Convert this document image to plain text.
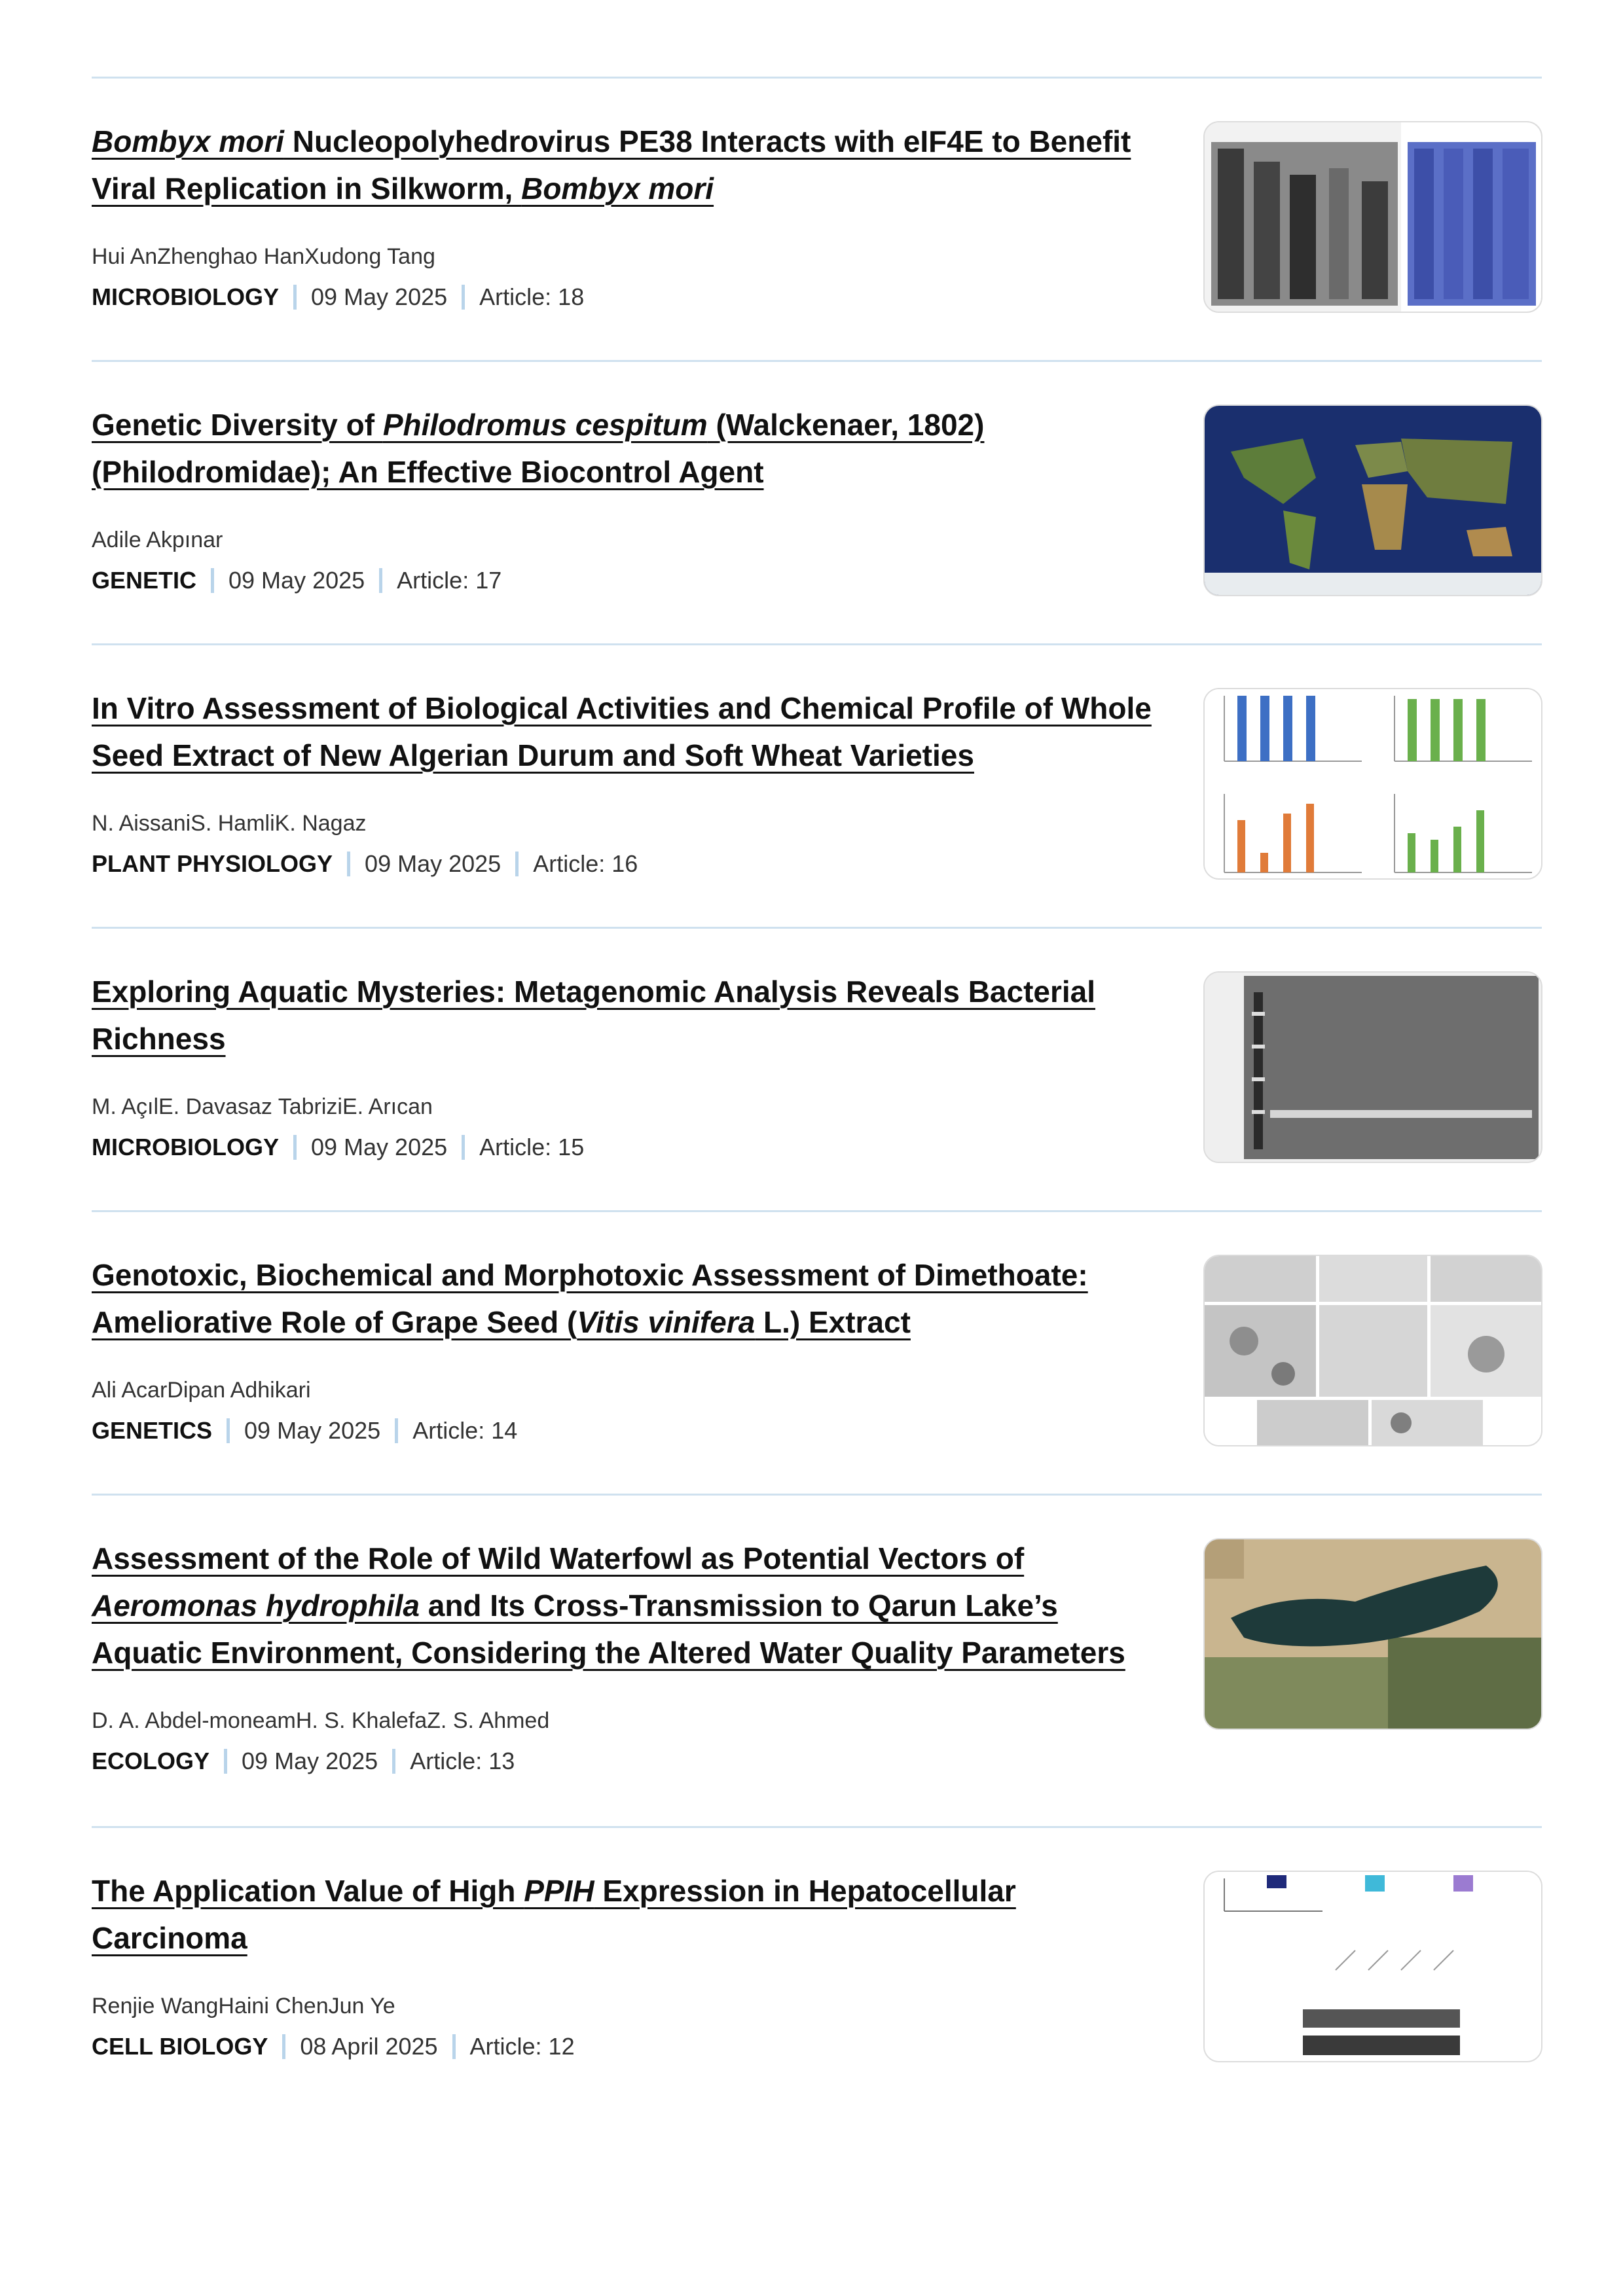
Bombyx mori Nucleopolyhedrovirus PE38 Interacts with eIF4E to Benefit Viral Replication in Silkworm, Bombyx mori
Hui AnZhenghao HanXudong Tang
MICROBIOLOGY 09 May 2025 Article: 18
Genetic Diversity of Philodromus cespitum (Walckenaer, 1802) (Philodromidae); An Effective Biocontrol Agent
Adile Akpınar
GENETIC 09 May 2025 Article: 17
In Vitro Assessment of Biological Activities and Chemical Profile of Whole Seed Extract of New Algerian Durum and Soft Wheat Varieties
N. AissaniS. HamliK. Nagaz
PLANT PHYSIOLOGY 09 May 2025 Article: 16
Exploring Aquatic Mysteries: Metagenomic Analysis Reveals Bacterial Richness
M. AçılE. Davasaz TabriziE. Arıcan
MICROBIOLOGY 09 May 2025 Article: 15
Genotoxic, Biochemical and Morphotoxic Assessment of Dimethoate: Ameliorative Role of Grape Seed (Vitis vinifera L.) Extract
Ali AcarDipan Adhikari
GENETICS 09 May 2025 Article: 14
Assessment of the Role of Wild Waterfowl as Potential Vectors of Aeromonas hydrophila and Its Cross-Transmission to Qarun Lake’s Aquatic Environment, Considering the Altered Water Quality Parameters
D. A. Abdel-moneamH. S. KhalefaZ. S. Ahmed
ECOLOGY 09 May 2025 Article: 13
The Application Value of High PPIH Expression in Hepatocellular Carcinoma
Renjie WangHaini ChenJun Ye
CELL BIOLOGY 08 April 2025 Article: 12
